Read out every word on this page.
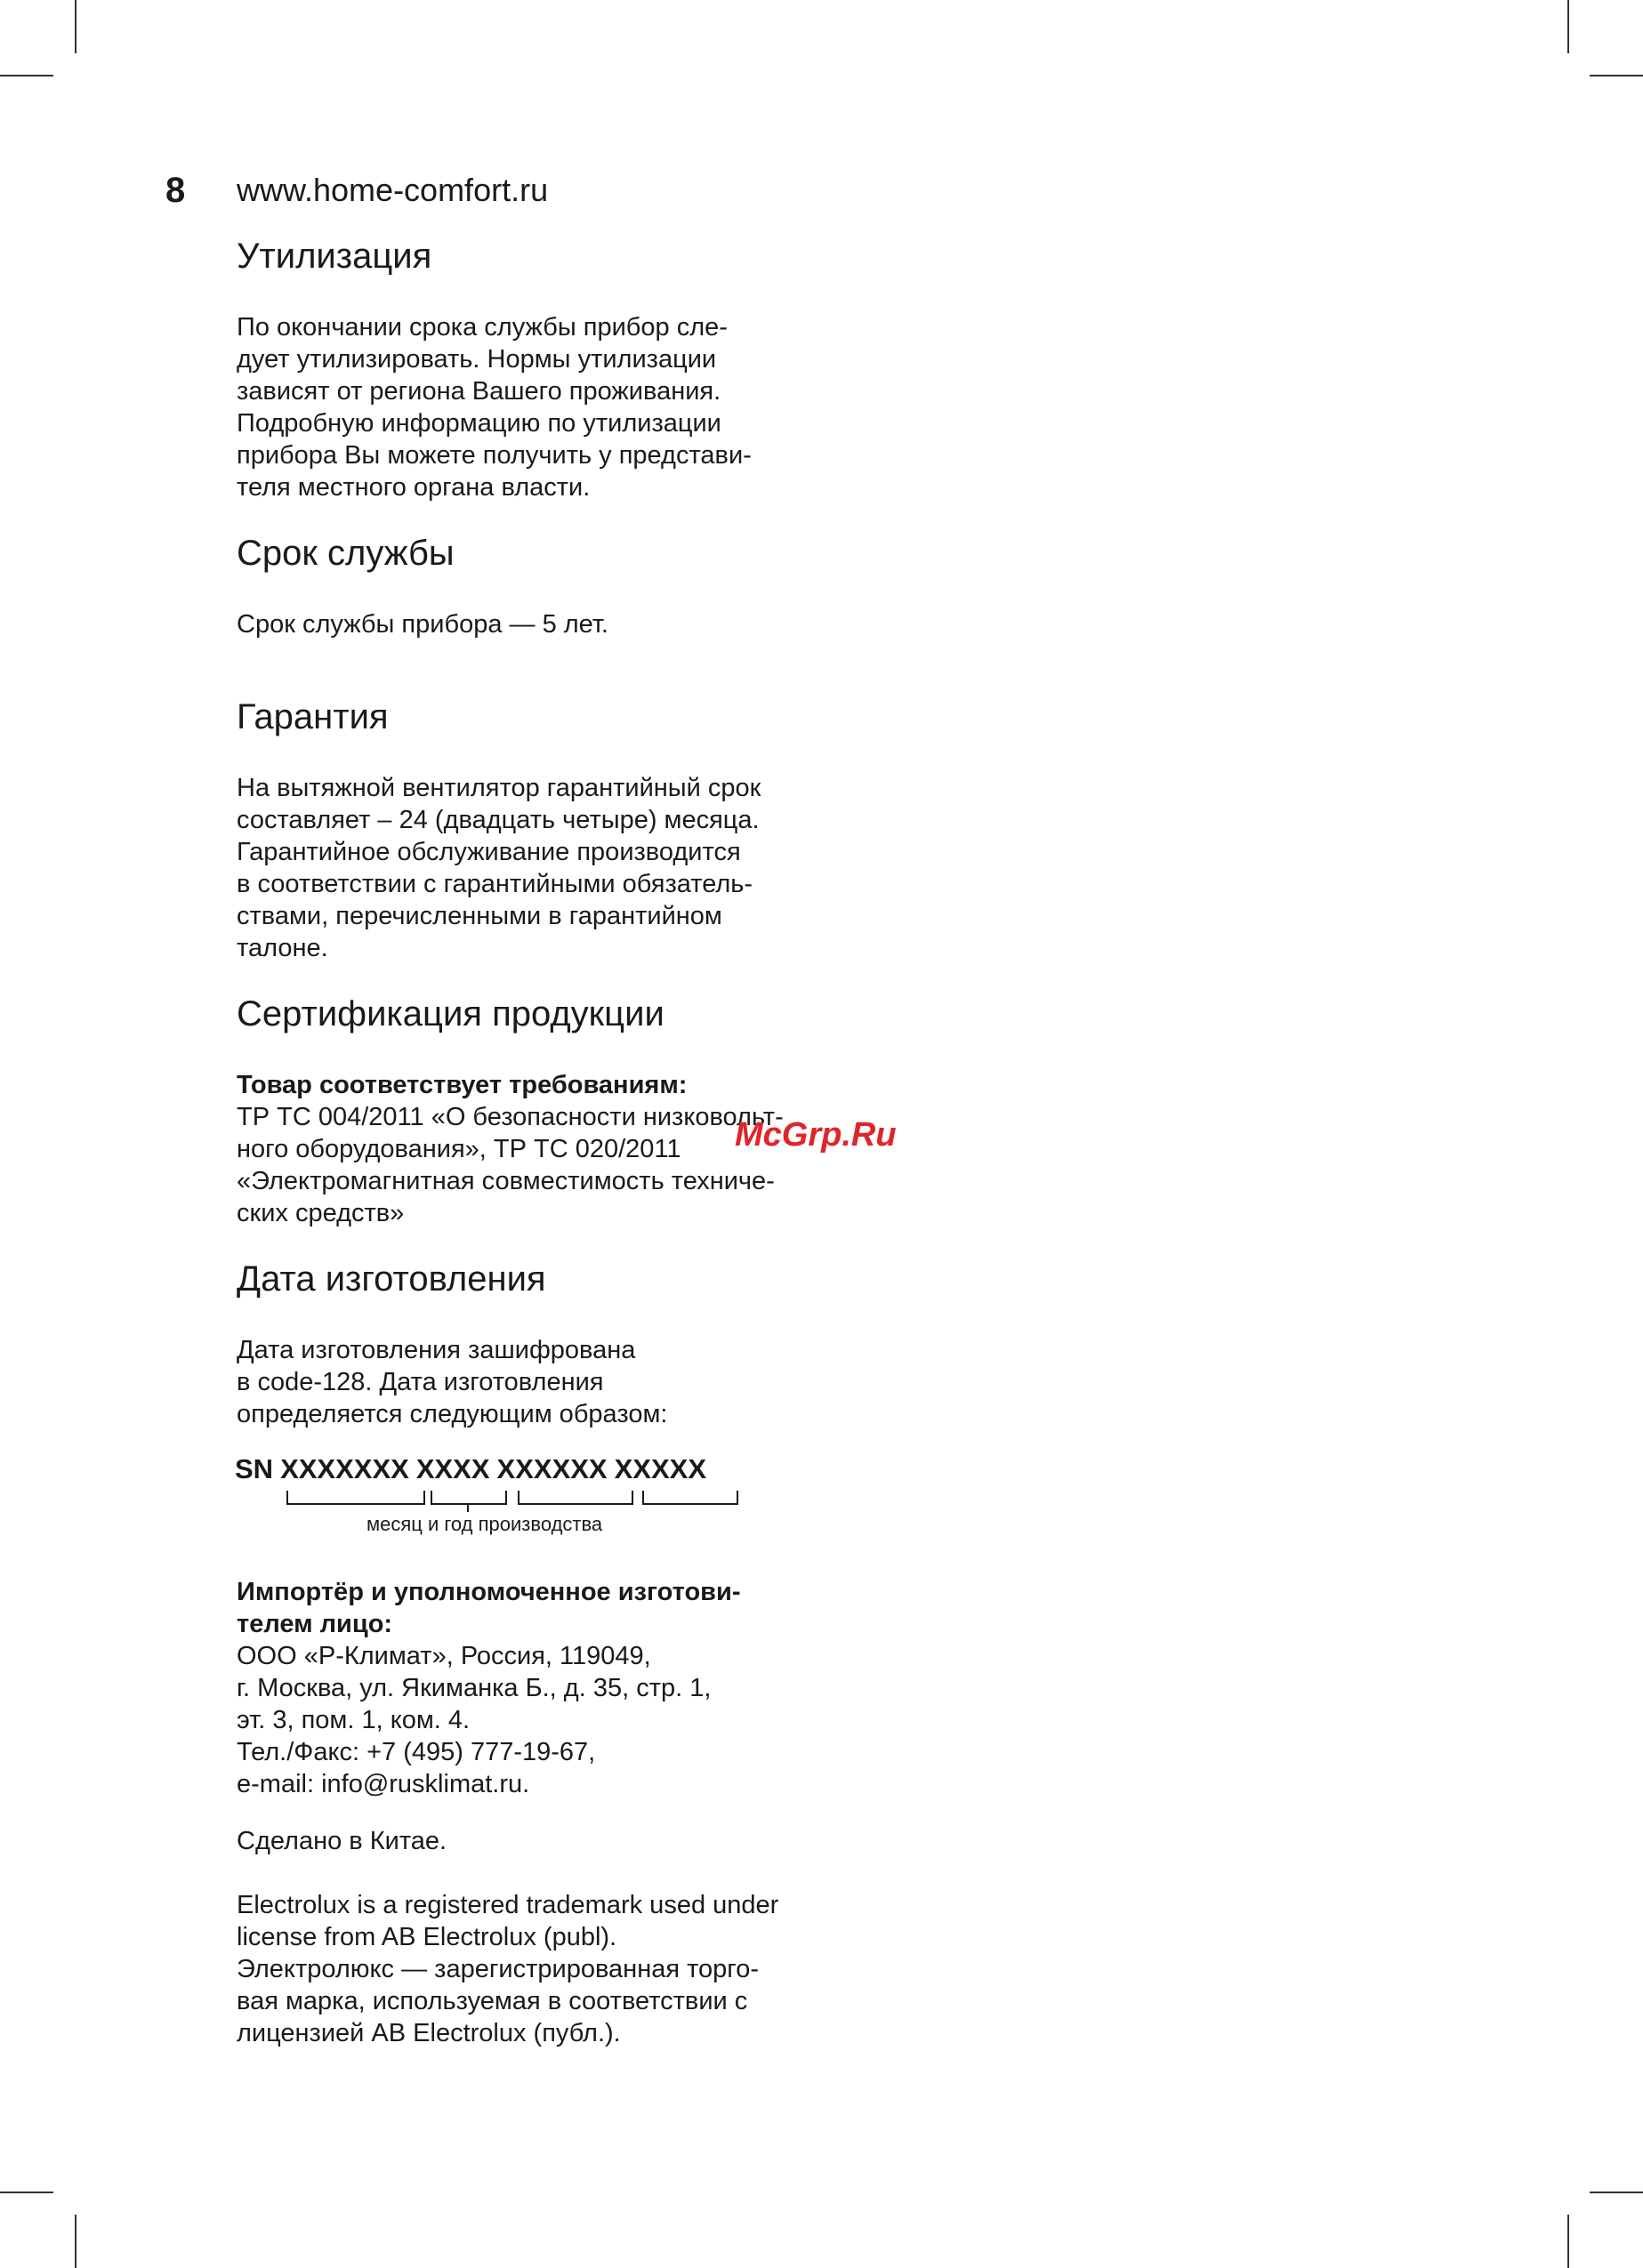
8 www.home-comfort.ru
Утилизация

По окончании срока службы прибор сле-
дует утилизировать. Нормы утилизации
зависят от региона Вашего проживания.
Подробную информацию по утилизации
прибора Вы можете получить у представи-
теля местного органа власти.

Срок службы

Срок службы прибора — 5 лет.

Гарантия

На вытяжной вентилятор гарантийный срок
составляет – 24 (двадцать четыре) месяца.
Гарантийное обслуживание производится
в соответствии с гарантийными обязатель-
ствами, перечисленными в гарантийном
талоне.

Сертификация продукции

Товар соответствует требованиям:

ТР ТС 004/2011 «О безопасности низковольт-
ного оборудования», ТР ТС 020/2011
«Электромагнитная совместимость техниче-
ских средств»

Дата изготовления

Дата изготовления зашифрована
в code-128. Дата изготовления
определяется следующим образом:

SN XXXXXXX XXXX XXXXXX XXXXX
месяц и год производства

Импортёр и уполномоченное изготови-
телем лицо:

ООО «Р-Климат», Россия, 119049,
г. Москва, ул. Якиманка Б., д. 35, стр. 1,
эт. 3, пом. 1, ком. 4.
Тел./Факс: +7 (495) 777-19-67,
e-mail: info@rusklimat.ru.

Сделано в Китае.

Electrolux is a registered trademark used under
license from AB Electrolux (publ).
Электролюкс — зарегистрированная торго-
вая марка, используемая в соответствии с
лицензией AB Electrolux (публ.).

McGrp.Ru
